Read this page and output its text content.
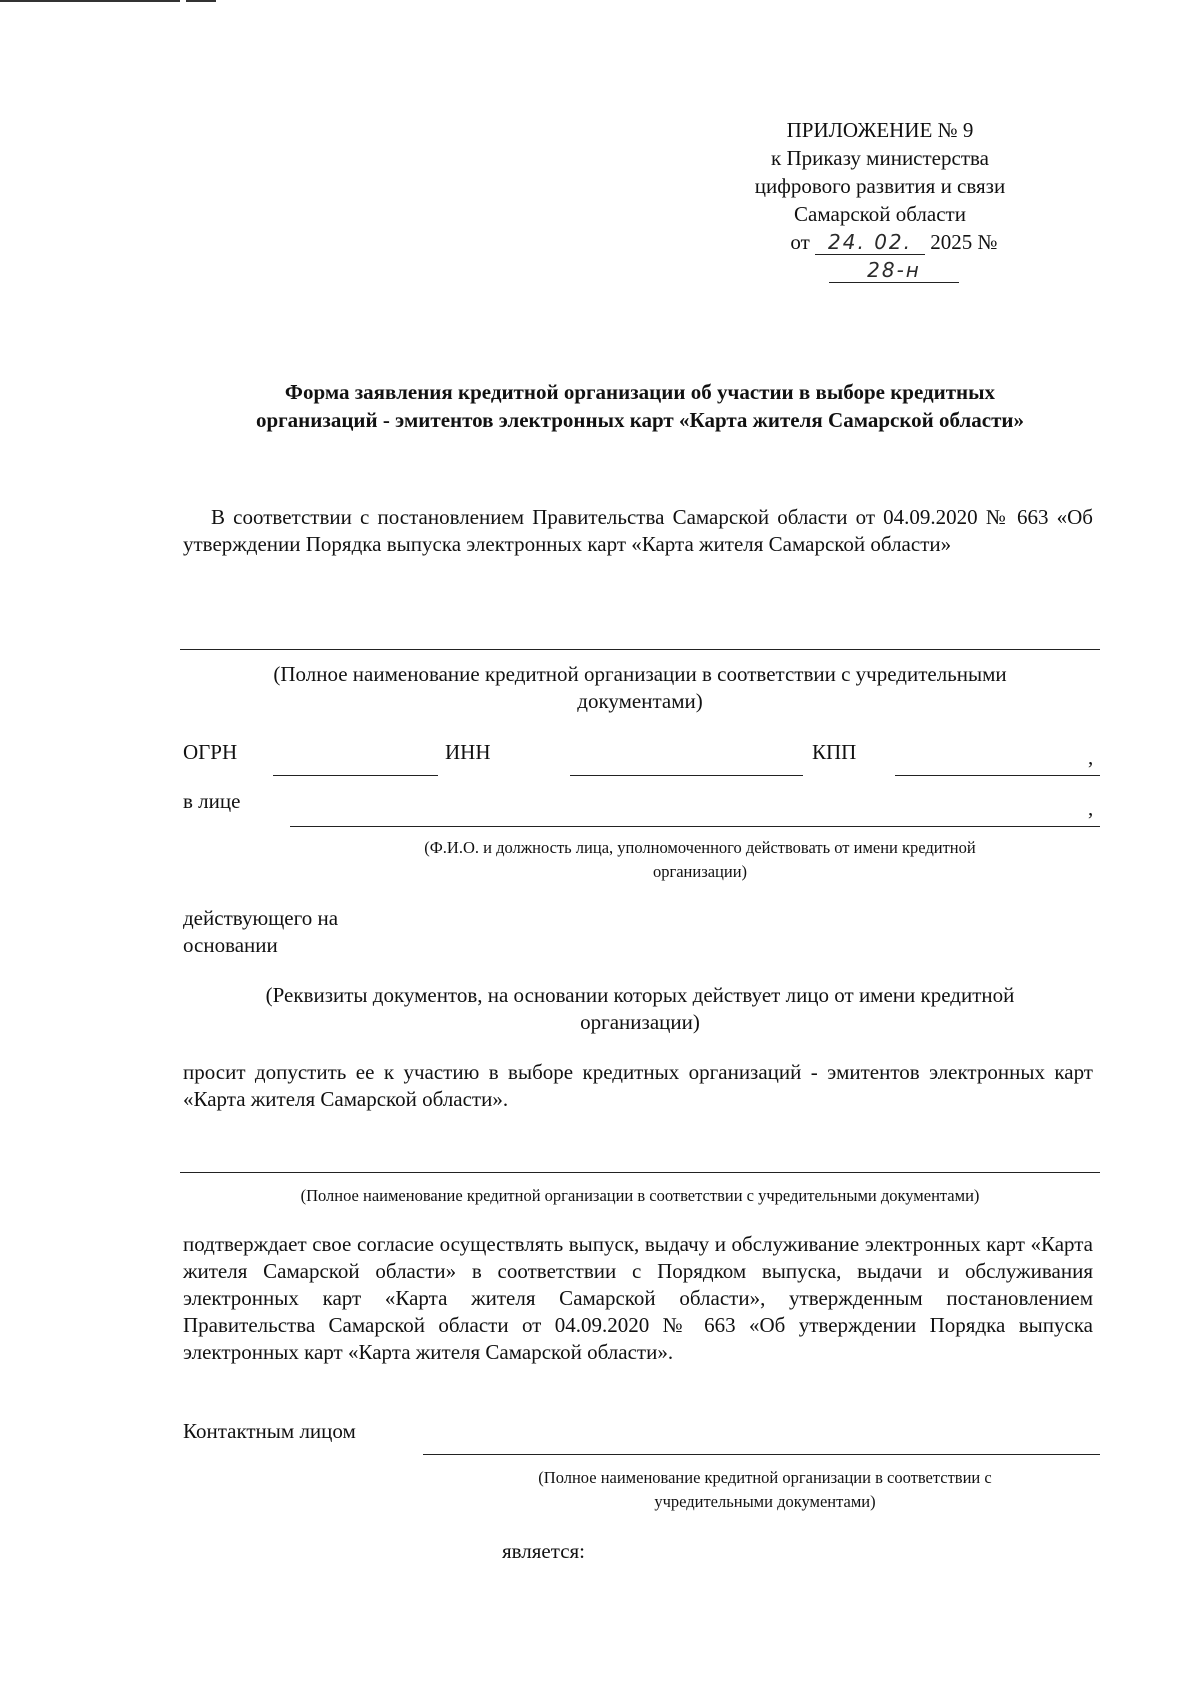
ПРИЛОЖЕНИЕ № 9
к Приказу министерства
цифрового развития и связи
Самарской области
от 24. 02. 2025 № 28-н
Форма заявления кредитной организации об участии в выборе кредитных
организаций - эмитентов электронных карт «Карта жителя Самарской области»
В соответствии с постановлением Правительства Самарской области от 04.09.2020 № 663 «Об утверждении Порядка выпуска электронных карт «Карта жителя Самарской области»
(Полное наименование кредитной организации в соответствии с учредительными
документами)
ОГРН	ИНН	КПП	,
в лице	,
(Ф.И.О. и должность лица, уполномоченного действовать от имени кредитной
организации)
действующего на
основании
(Реквизиты документов, на основании которых действует лицо от имени кредитной
организации)
просит допустить ее к участию в выборе кредитных организаций - эмитентов электронных карт «Карта жителя Самарской области».
(Полное наименование кредитной организации в соответствии с учредительными документами)
подтверждает свое согласие осуществлять выпуск, выдачу и обслуживание электронных карт «Карта жителя Самарской области» в соответствии с Порядком выпуска, выдачи и обслуживания электронных карт «Карта жителя Самарской области», утвержденным постановлением Правительства Самарской области от 04.09.2020 № 663 «Об утверждении Порядка выпуска электронных карт «Карта жителя Самарской области».
Контактным лицом
(Полное наименование кредитной организации в соответствии с
учредительными документами)
является:
